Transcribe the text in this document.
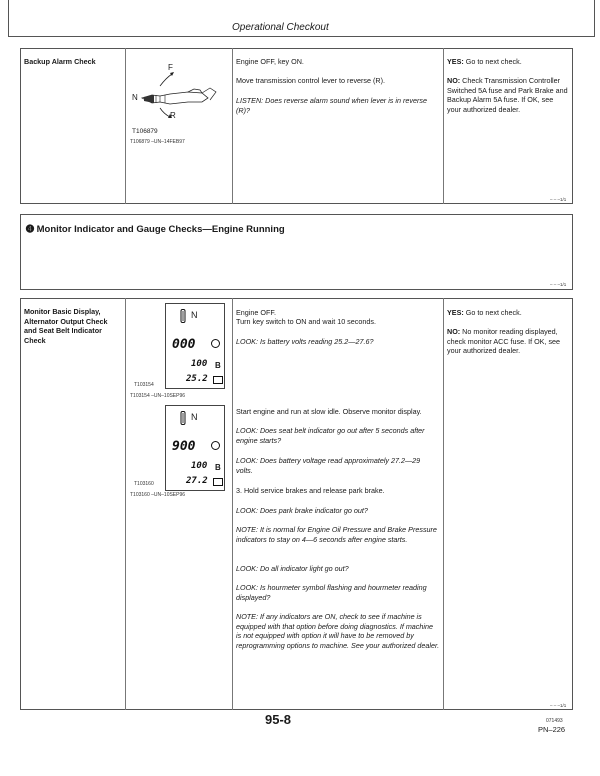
Operational Checkout
Backup Alarm Check
F
N
R
T106879
T106879 –UN–14FEB97
Engine OFF, key ON.
Move transmission control lever to reverse (R).
LISTEN: Does reverse alarm sound when lever is in reverse (R)?
YES: Go to next check.
NO: Check Transmission Controller Switched 5A fuse and Park Brake and Backup Alarm 5A fuse. If OK, see your authorized dealer.
– – –1/1
➍ Monitor Indicator and Gauge Checks—Engine Running
– – –1/1
Monitor Basic Display, Alternator Output Check and Seat Belt Indicator Check
N
000
100 B
25.2
T103154
T103154 –UN–10SEP96
N
900
100 B
27.2
T103160
T103160 –UN–10SEP96
Engine OFF.
Turn key switch to ON and wait 10 seconds.
LOOK: Is battery volts reading 25.2—27.6?
Start engine and run at slow idle. Observe monitor display.
LOOK: Does seat belt indicator go out after 5 seconds after engine starts?
LOOK: Does battery voltage read approximately 27.2—29 volts.
3. Hold service brakes and release park brake.
LOOK: Does park brake indicator go out?
NOTE: It is normal for Engine Oil Pressure and Brake Pressure indicators to stay on 4—6 seconds after engine starts.
LOOK: Do all indicator light go out?
LOOK: Is hourmeter symbol flashing and hourmeter reading displayed?
NOTE: If any indicators are ON, check to see if machine is equipped with that option before doing diagnostics. If machine is not equipped with option it will have to be removed by reprogramming options to machine. See your authorized dealer.
YES: Go to next check.
NO: No monitor reading displayed, check monitor ACC fuse. If OK, see your authorized dealer.
– – –1/1
95-8	071493
PN–226
